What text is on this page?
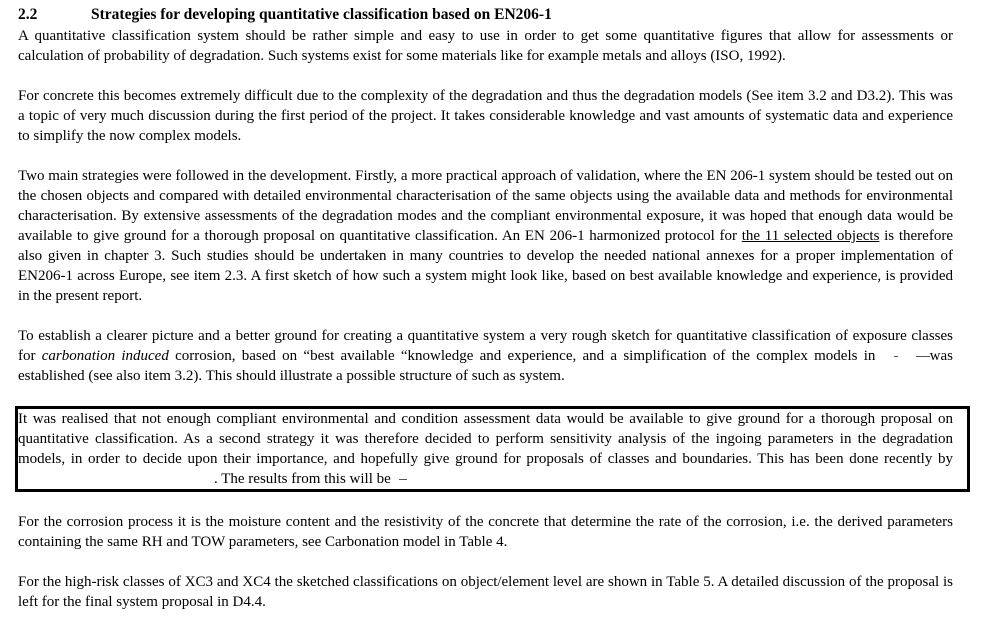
2.2	Strategies for developing quantitative classification based on EN206-1

A quantitative classification system should be rather simple and easy to use in order to get some quantitative figures that allow for assessments or calculation of probability of degradation. Such systems exist for some materials like for example metals and alloys (ISO, 1992).

For concrete this becomes extremely difficult due to the complexity of the degradation and thus the degradation models (See item 3.2 and D3.2). This was a topic of very much discussion during the first period of the project. It takes considerable knowledge and vast amounts of systematic data and experience to simplify the now complex models.

Two main strategies were followed in the development. Firstly, a more practical approach of validation, where the EN 206-1 system should be tested out on the chosen objects and compared with detailed environmental characterisation of the same objects using the available data and methods for environmental characterisation. By extensive assessments of the degradation modes and the compliant environmental exposure, it was hoped that enough data would be available to give ground for a thorough proposal on quantitative classification. An EN 206-1 harmonized protocol for the 11 selected objects is therefore also given in chapter 3. Such studies should be undertaken in many countries to develop the needed national annexes for a proper implementation of EN206-1 across Europe, see item 2.3. A first sketch of how such a system might look like, based on best available knowledge and experience, is provided in the present report.

To establish a clearer picture and a better ground for creating a quantitative system a very rough sketch for quantitative classification of exposure classes for carbonation induced corrosion, based on “best available “knowledge and experience, and a simplification of the complex models in	was established (see also item 3.2). This should illustrate a possible structure of such as system.

It was realised that not enough compliant environmental and condition assessment data would be available to give ground for a thorough proposal on quantitative classification. As a second strategy it was therefore decided to perform sensitivity analysis of the ingoing parameters in the degradation models, in order to decide upon their importance, and hopefully give ground for proposals of classes and boundaries. This has been done recently by. The results from this will be

For the corrosion process it is the moisture content and the resistivity of the concrete that determine the rate of the corrosion, i.e. the derived parameters containing the same RH and TOW parameters, see Carbonation model in Table 4.

For the high-risk classes of XC3 and XC4 the sketched classifications on object/element level are shown in Table 5. A detailed discussion of the proposal is left for the final system proposal in D4.4.
